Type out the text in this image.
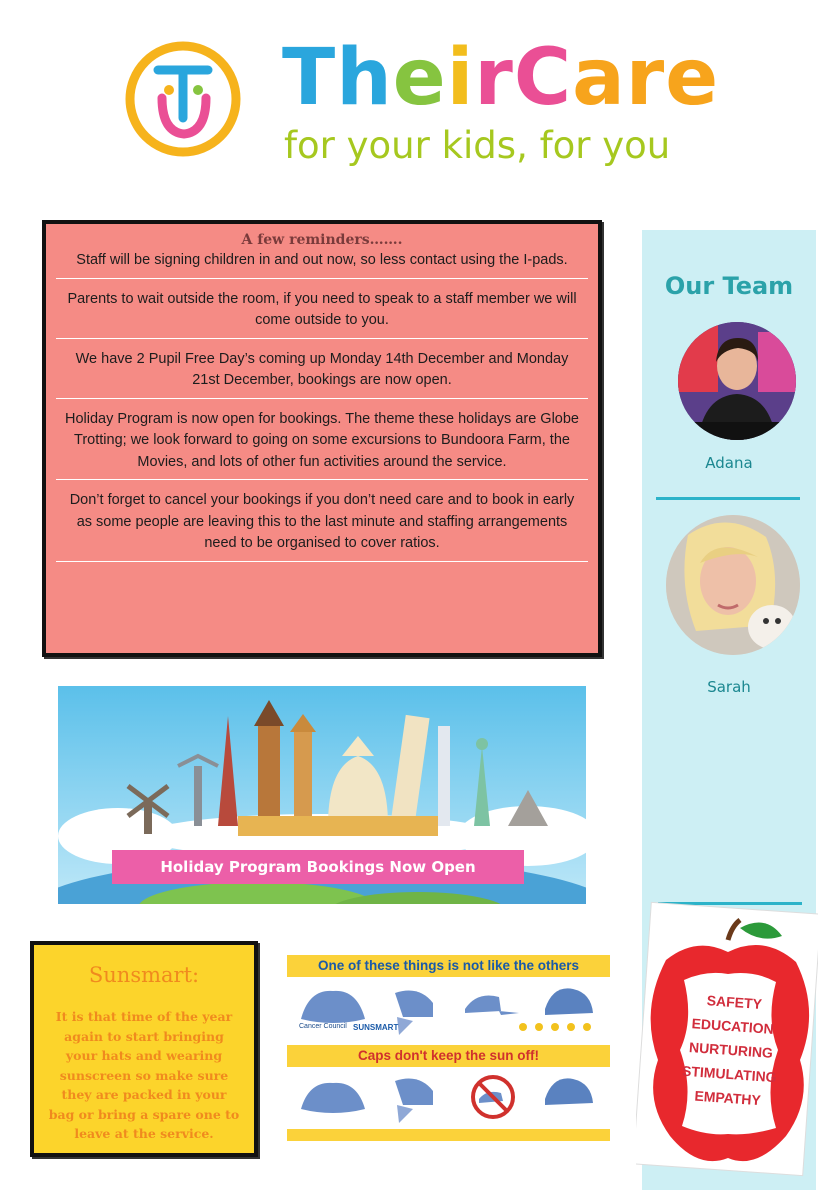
TheirCare
for your kids, for you
A few reminders…….
Staff will be signing children in and out now, so less contact using the I-pads.
Parents to wait outside the room, if you need to speak to a staff member we will come outside to you.
We have 2 Pupil Free Day’s coming up Monday 14th December and Monday 21st December, bookings are now open.
Holiday Program is now open for bookings. The theme these holidays are Globe Trotting; we look forward to going on some excursions to Bundoora Farm, the Movies, and lots of other fun activities around the service.
Don’t forget to cancel your bookings if you don’t need care and to book in early as some people are leaving this to the last minute and staffing arrangements need to be organised to cover ratios.
Our Team
Adana
Sarah
Holiday Program Bookings Now Open
Sunsmart:
It is that time of the year again to start bringing your hats and wearing sunscreen so make sure they are packed in your bag or bring a spare one to leave at the service.
One of these things is not like the others
Cancer Council SUNSMART
Caps don't keep the sun off!
SAFETY
EDUCATION
NURTURING
STIMULATING
EMPATHY
